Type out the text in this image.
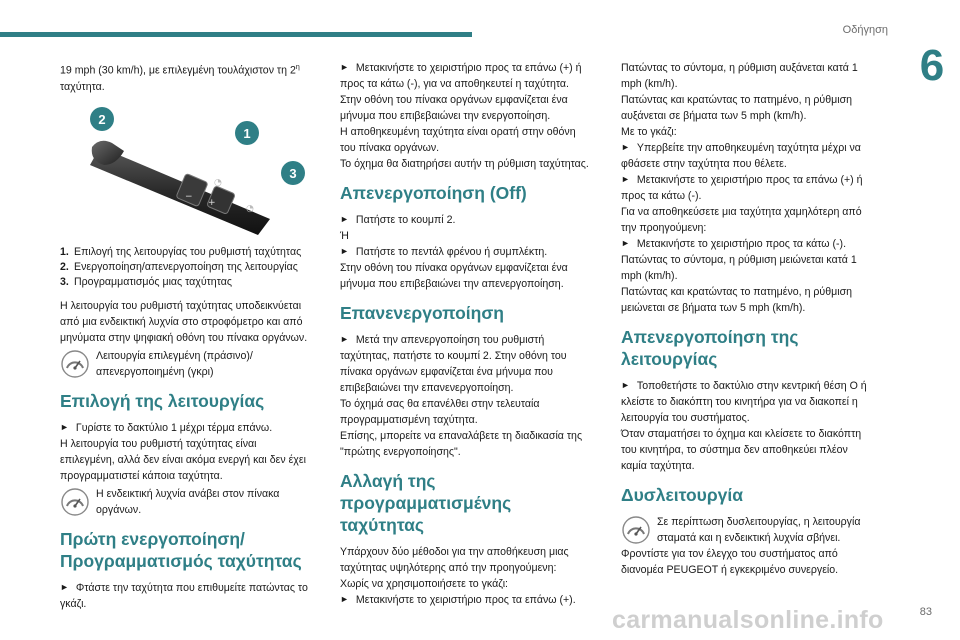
Οδήγηση
6

19 mph (30 km/h), με επιλεγμένη τουλάχιστον τη $2^\eta$
ταχύτητα.

−
+
◔
◔
2
1
3
1. Επιλογή της λειτουργίας του ρυθμιστή ταχύτητας
2. Ενεργοποίηση/απενεργοποίηση της λειτουργίας
3. Προγραμματισμός μιας ταχύτητας

Η λειτουργία του ρυθμιστή ταχύτητας υποδεικνύεται από μια ενδεικτική λυχνία στο στροφόμετρο και από μηνύματα στην ψηφιακή οθόνη του πίνακα οργάνων.

Λειτουργία επιλεγμένη (πράσινο)/ απενεργοποιημένη (γκρι)
Επιλογή της λειτουργίας

► Γυρίστε το δακτύλιο 1 μέχρι τέρμα επάνω.

Η λειτουργία του ρυθμιστή ταχύτητας είναι επιλεγμένη, αλλά δεν είναι ακόμα ενεργή και δεν έχει προγραμματιστεί κάποια ταχύτητα.

Η ενδεικτική λυχνία ανάβει στον πίνακα οργάνων.
Πρώτη ενεργοποίηση/ Προγραμματισμός ταχύτητας

► Φτάστε την ταχύτητα που επιθυμείτε πατώντας το γκάζι.

► Μετακινήστε το χειριστήριο προς τα επάνω (+) ή προς τα κάτω (-), για να αποθηκευτεί η ταχύτητα. Στην οθόνη του πίνακα οργάνων εμφανίζεται ένα μήνυμα που επιβεβαιώνει την ενεργοποίηση.

Η αποθηκευμένη ταχύτητα είναι ορατή στην οθόνη του πίνακα οργάνων.

Το όχημα θα διατηρήσει αυτήν τη ρύθμιση ταχύτητας.

Απενεργοποίηση (Off)

► Πατήστε το κουμπί 2.

Ή

► Πατήστε το πεντάλ φρένου ή συμπλέκτη.

Στην οθόνη του πίνακα οργάνων εμφανίζεται ένα μήνυμα που επιβεβαιώνει την απενεργοποίηση.

Επανενεργοποίηση

► Μετά την απενεργοποίηση του ρυθμιστή ταχύτητας, πατήστε το κουμπί 2. Στην οθόνη του πίνακα οργάνων εμφανίζεται ένα μήνυμα που επιβεβαιώνει την επανενεργοποίηση.

Το όχημά σας θα επανέλθει στην τελευταία προγραμματισμένη ταχύτητα.

Επίσης, μπορείτε να επαναλάβετε τη διαδικασία της "πρώτης ενεργοποίησης".

Αλλαγή της προγραμματισμένης ταχύτητας

Υπάρχουν δύο μέθοδοι για την αποθήκευση μιας ταχύτητας υψηλότερης από την προηγούμενη:

Χωρίς να χρησιμοποιήσετε το γκάζι:

► Μετακινήστε το χειριστήριο προς τα επάνω (+).

Πατώντας το σύντομα, η ρύθμιση αυξάνεται κατά 1 mph (km/h).

Πατώντας και κρατώντας το πατημένο, η ρύθμιση αυξάνεται σε βήματα των 5 mph (km/h).

Με το γκάζι:

► Υπερβείτε την αποθηκευμένη ταχύτητα μέχρι να φθάσετε στην ταχύτητα που θέλετε.

► Μετακινήστε το χειριστήριο προς τα επάνω (+) ή προς τα κάτω (-).

Για να αποθηκεύσετε μια ταχύτητα χαμηλότερη από την προηγούμενη:

► Μετακινήστε το χειριστήριο προς τα κάτω (-).

Πατώντας το σύντομα, η ρύθμιση μειώνεται κατά 1 mph (km/h).

Πατώντας και κρατώντας το πατημένο, η ρύθμιση μειώνεται σε βήματα των 5 mph (km/h).

Απενεργοποίηση της λειτουργίας

► Τοποθετήστε το δακτύλιο στην κεντρική θέση O ή κλείστε το διακόπτη του κινητήρα για να διακοπεί η λειτουργία του συστήματος.

Όταν σταματήσει το όχημα και κλείσετε το διακόπτη του κινητήρα, το σύστημα δεν αποθηκεύει πλέον καμία ταχύτητα.

Δυσλειτουργία
Σε περίπτωση δυσλειτουργίας, η λειτουργία σταματά και η ενδεικτική λυχνία σβήνει.

Φροντίστε για τον έλεγχο του συστήματος από διανομέα PEUGEOT ή εγκεκριμένο συνεργείο.

carmanualsonline.info	83
